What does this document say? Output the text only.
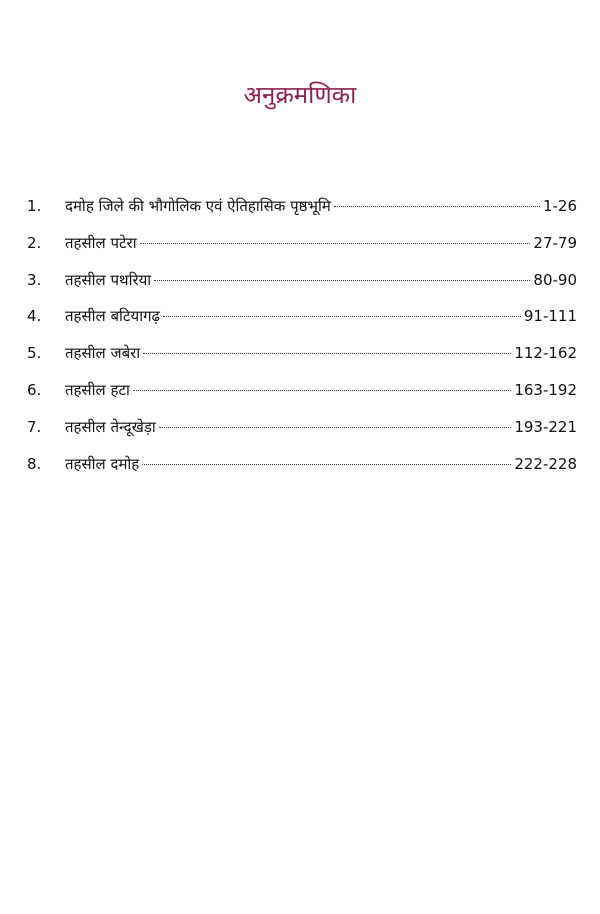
अनुक्रमणिका
1.	दमोह जिले की भौगोलिक एवं ऐतिहासिक पृष्ठभूमि	1-26
2.	तहसील पटेरा	27-79
3.	तहसील पथरिया	80-90
4.	तहसील बटियागढ़	91-111
5.	तहसील जबेरा	112-162
6.	तहसील हटा	163-192
7.	तहसील तेन्दूखेड़ा	193-221
8.	तहसील दमोह	222-228
